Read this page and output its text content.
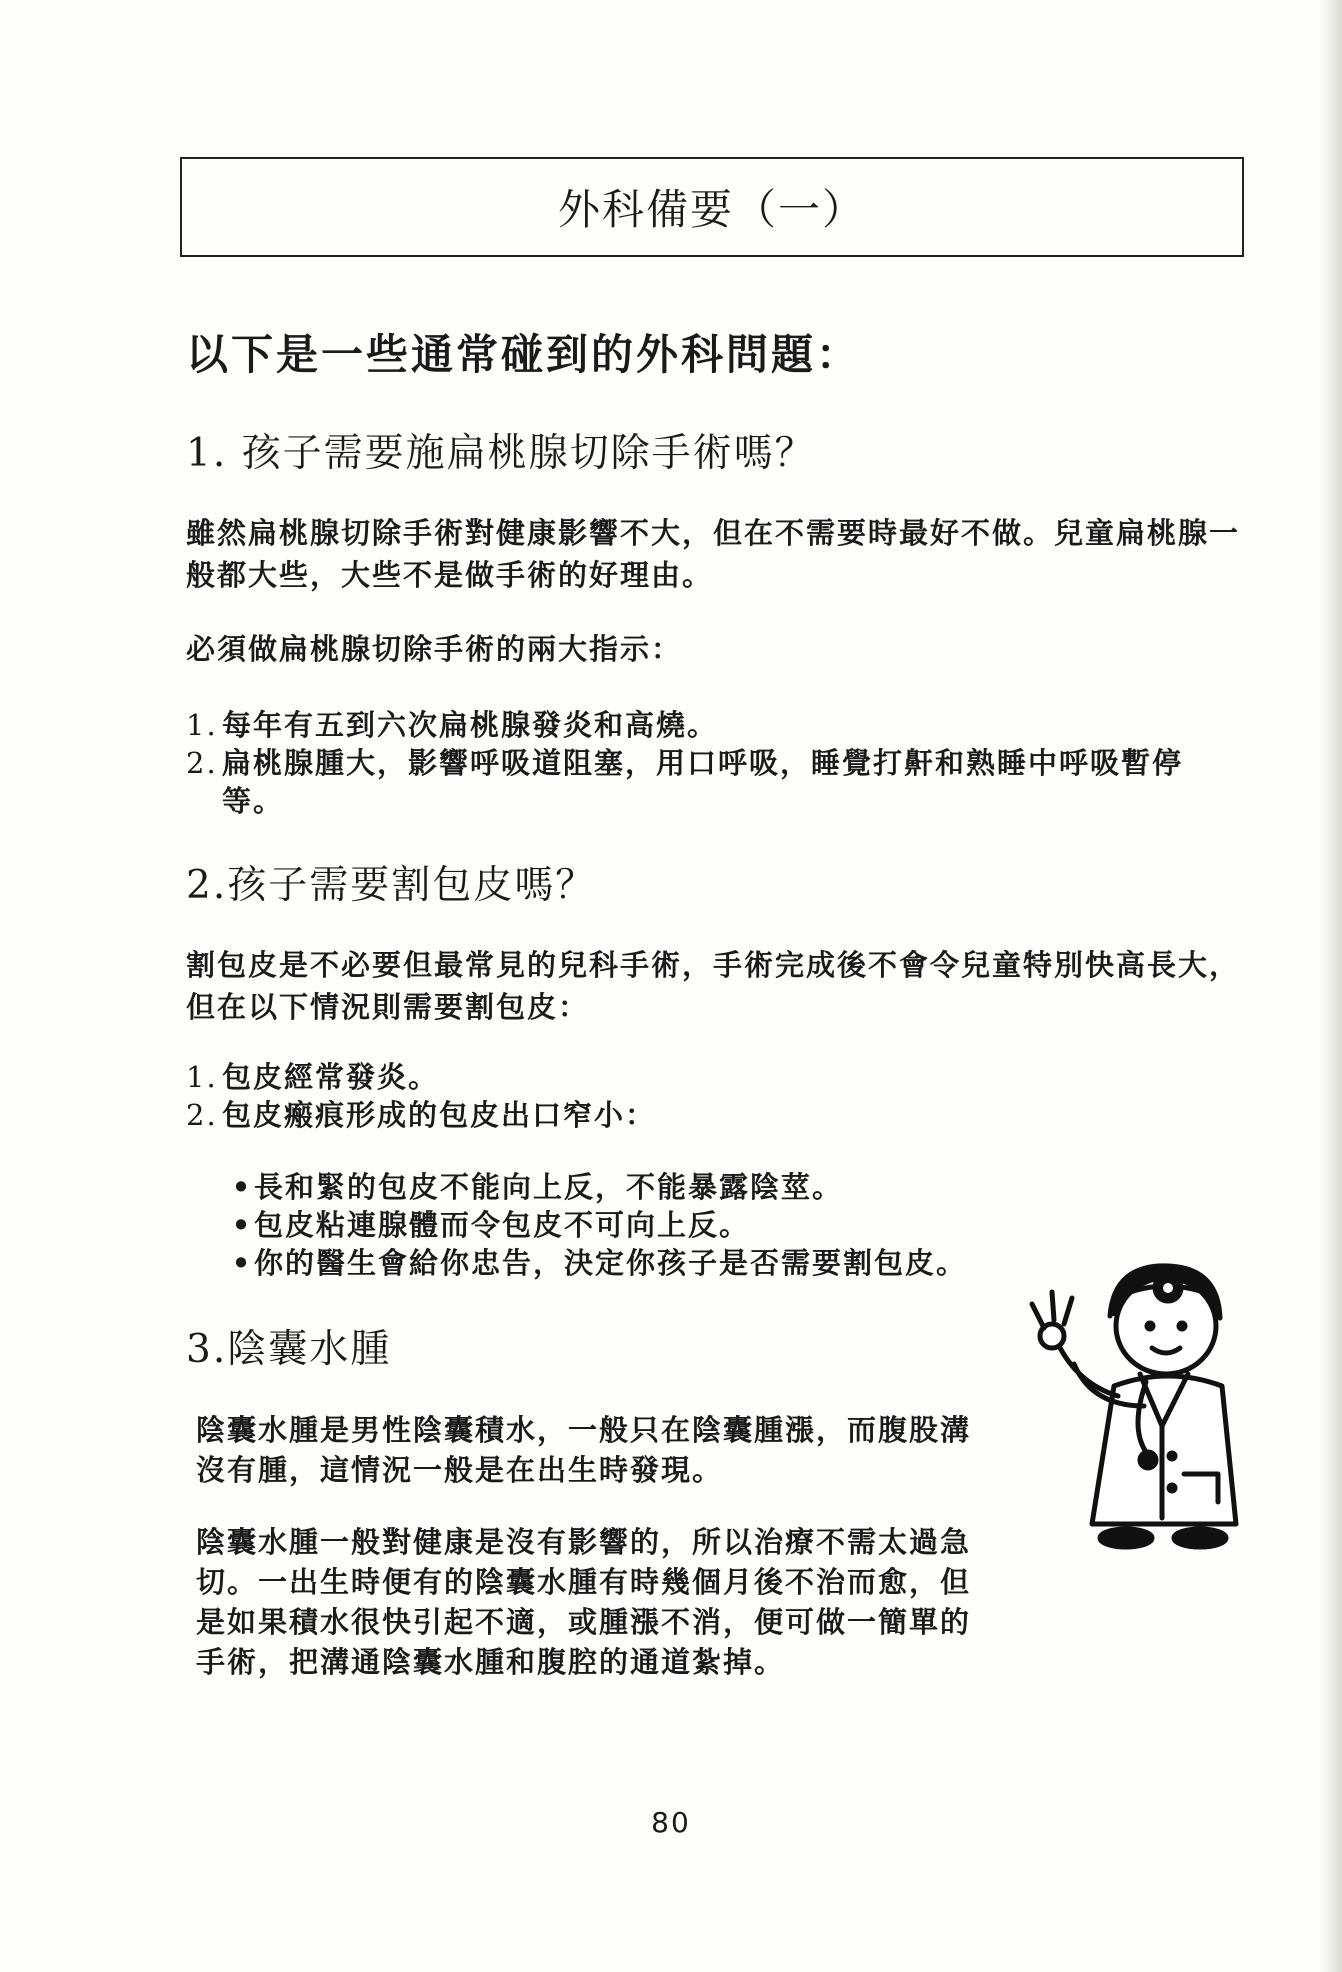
外科備要（一）
以下是一些通常碰到的外科問題：
1. 孩子需要施扁桃腺切除手術嗎？

雖然扁桃腺切除手術對健康影響不大，但在不需要時最好不做。兒童扁桃腺一般都大些，大些不是做手術的好理由。

必須做扁桃腺切除手術的兩大指示：

1. 每年有五到六次扁桃腺發炎和高燒。
2. 扁桃腺腫大，影響呼吸道阻塞，用口呼吸，睡覺打鼾和熟睡中呼吸暫停
等。
2.孩子需要割包皮嗎？

割包皮是不必要但最常見的兒科手術，手術完成後不會令兒童特別快高長大，但在以下情況則需要割包皮：

1. 包皮經常發炎。
2. 包皮瘢痕形成的包皮出口窄小：
•長和緊的包皮不能向上反，不能暴露陰莖。
•包皮粘連腺體而令包皮不可向上反。
•你的醫生會給你忠告，決定你孩子是否需要割包皮。
3.陰囊水腫

陰囊水腫是男性陰囊積水，一般只在陰囊腫漲，而腹股溝沒有腫，這情況一般是在出生時發現。

陰囊水腫一般對健康是沒有影響的，所以治療不需太過急切。一出生時便有的陰囊水腫有時幾個月後不治而愈，但是如果積水很快引起不適，或腫漲不消，便可做一簡單的手術，把溝通陰囊水腫和腹腔的通道紮掉。

80
